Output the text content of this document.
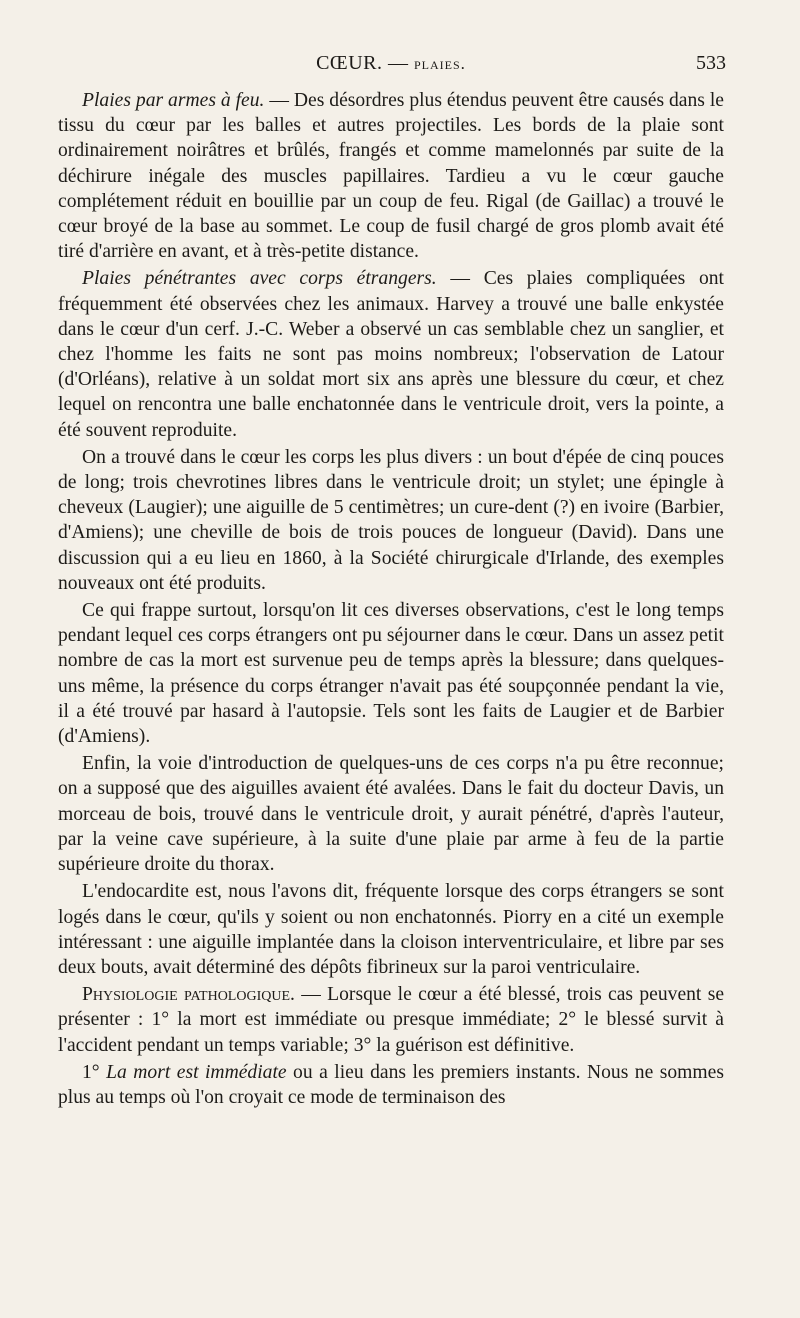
CŒUR. — plaies.	533

Plaies par armes à feu. — Des désordres plus étendus peuvent être causés dans le tissu du cœur par les balles et autres projectiles. Les bords de la plaie sont ordinairement noirâtres et brûlés, frangés et comme mamelonnés par suite de la déchirure inégale des muscles papillaires. Tardieu a vu le cœur gauche complétement réduit en bouillie par un coup de feu. Rigal (de Gaillac) a trouvé le cœur broyé de la base au sommet. Le coup de fusil chargé de gros plomb avait été tiré d'arrière en avant, et à très-petite distance.

Plaies pénétrantes avec corps étrangers. — Ces plaies compliquées ont fréquemment été observées chez les animaux. Harvey a trouvé une balle enkystée dans le cœur d'un cerf. J.-C. Weber a observé un cas semblable chez un sanglier, et chez l'homme les faits ne sont pas moins nombreux; l'observation de Latour (d'Orléans), relative à un soldat mort six ans après une blessure du cœur, et chez lequel on rencontra une balle enchatonnée dans le ventricule droit, vers la pointe, a été souvent reproduite.

On a trouvé dans le cœur les corps les plus divers : un bout d'épée de cinq pouces de long; trois chevrotines libres dans le ventricule droit; un stylet; une épingle à cheveux (Laugier); une aiguille de 5 centimètres; un cure-dent (?) en ivoire (Barbier, d'Amiens); une cheville de bois de trois pouces de longueur (David). Dans une discussion qui a eu lieu en 1860, à la Société chirurgicale d'Irlande, des exemples nouveaux ont été produits.

Ce qui frappe surtout, lorsqu'on lit ces diverses observations, c'est le long temps pendant lequel ces corps étrangers ont pu séjourner dans le cœur. Dans un assez petit nombre de cas la mort est survenue peu de temps après la blessure; dans quelques-uns même, la présence du corps étranger n'avait pas été soupçonnée pendant la vie, il a été trouvé par hasard à l'autopsie. Tels sont les faits de Laugier et de Barbier (d'Amiens).

Enfin, la voie d'introduction de quelques-uns de ces corps n'a pu être reconnue; on a supposé que des aiguilles avaient été avalées. Dans le fait du docteur Davis, un morceau de bois, trouvé dans le ventricule droit, y aurait pénétré, d'après l'auteur, par la veine cave supérieure, à la suite d'une plaie par arme à feu de la partie supérieure droite du thorax.

L'endocardite est, nous l'avons dit, fréquente lorsque des corps étrangers se sont logés dans le cœur, qu'ils y soient ou non enchatonnés. Piorry en a cité un exemple intéressant : une aiguille implantée dans la cloison interventriculaire, et libre par ses deux bouts, avait déterminé des dépôts fibrineux sur la paroi ventriculaire.

Physiologie pathologique. — Lorsque le cœur a été blessé, trois cas peuvent se présenter : 1° la mort est immédiate ou presque immédiate; 2° le blessé survit à l'accident pendant un temps variable; 3° la guérison est définitive.

1° La mort est immédiate ou a lieu dans les premiers instants. Nous ne sommes plus au temps où l'on croyait ce mode de terminaison des
